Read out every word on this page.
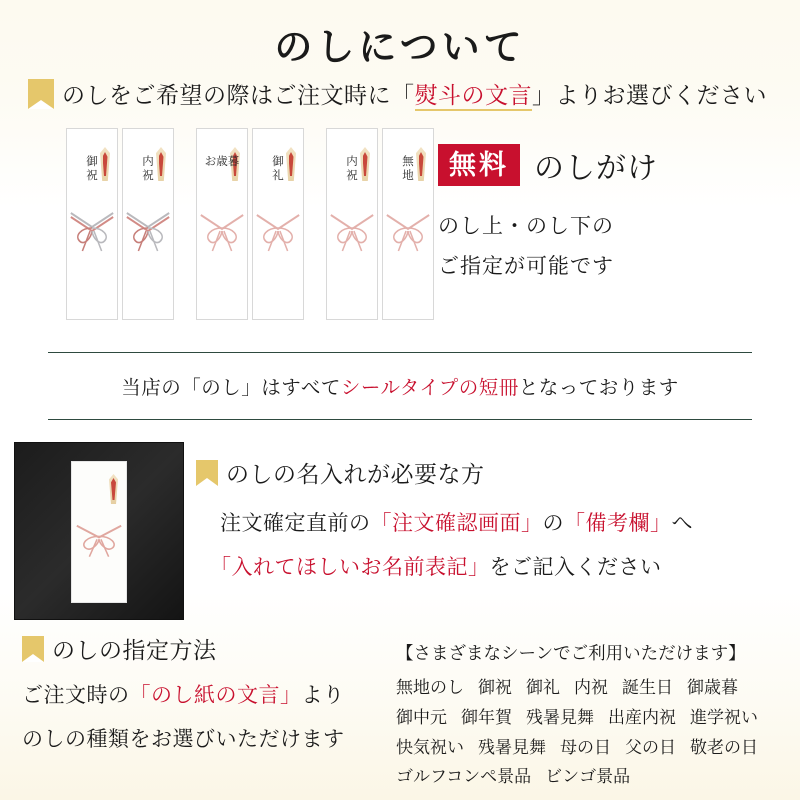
のしについて
のしをご希望の際はご注文時に「熨斗の文言」よりお選びください
御
祝
内
祝
お歳暮	御
礼
内
祝
無
地	無料 のしがけ
のし上・のし下の
ご指定が可能です
当店の「のし」はすべてシールタイプの短冊となっております
のしの名入れが必要な方
注文確定直前の「注文確認画面」の「備考欄」へ
「入れてほしいお名前表記」をご記入ください
のしの指定方法
ご注文時の「のし紙の文言」より
のしの種類をお選びいただけます
【さまざまなシーンでご利用いただけます】
無地のし 御祝 御礼 内祝 誕生日 御歳暮
御中元 御年賀 残暑見舞 出産内祝 進学祝い
快気祝い 残暑見舞 母の日 父の日 敬老の日
ゴルフコンペ景品 ビンゴ景品
